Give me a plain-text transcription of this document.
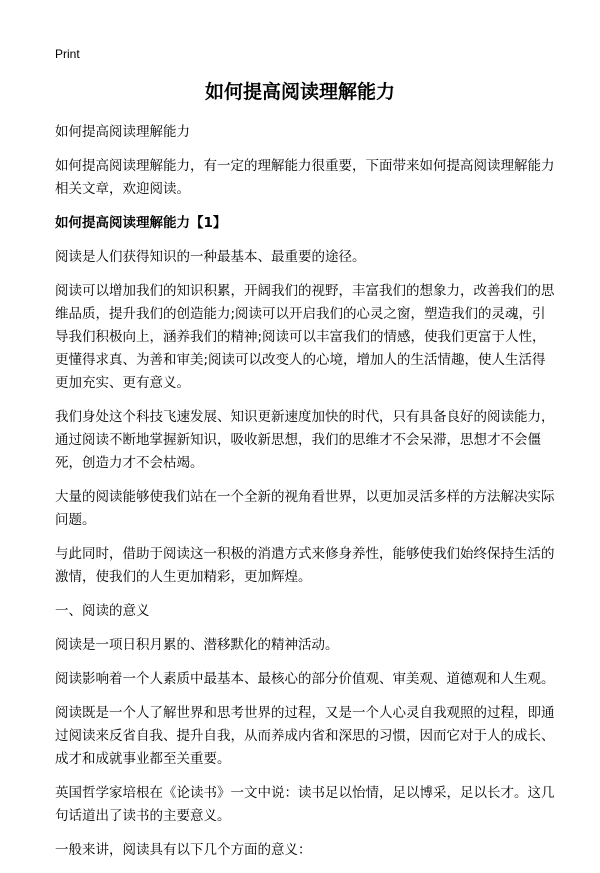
Print
如何提高阅读理解能力

如何提高阅读理解能力

如何提高阅读理解能力，有一定的理解能力很重要，下面带来如何提高阅读理解能力相关文章，欢迎阅读。

如何提高阅读理解能力【1】

阅读是人们获得知识的一种最基本、最重要的途径。

阅读可以增加我们的知识积累，开阔我们的视野，丰富我们的想象力，改善我们的思维品质，提升我们的创造能力;阅读可以开启我们的心灵之窗，塑造我们的灵魂，引导我们积极向上，涵养我们的精神;阅读可以丰富我们的情感，使我们更富于人性，更懂得求真、为善和审美;阅读可以改变人的心境，增加人的生活情趣，使人生活得更加充实、更有意义。

我们身处这个科技飞速发展、知识更新速度加快的时代，只有具备良好的阅读能力，通过阅读不断地掌握新知识，吸收新思想，我们的思维才不会呆滞，思想才不会僵死，创造力才不会枯竭。

大量的阅读能够使我们站在一个全新的视角看世界，以更加灵活多样的方法解决实际问题。

与此同时，借助于阅读这一积极的消遣方式来修身养性，能够使我们始终保持生活的激情，使我们的人生更加精彩，更加辉煌。

一、阅读的意义

阅读是一项日积月累的、潜移默化的精神活动。

阅读影响着一个人素质中最基本、最核心的部分价值观、审美观、道德观和人生观。

阅读既是一个人了解世界和思考世界的过程，又是一个人心灵自我观照的过程，即通过阅读来反省自我、提升自我，从而养成内省和深思的习惯，因而它对于人的成长、成才和成就事业都至关重要。

英国哲学家培根在《论读书》一文中说：读书足以怡情，足以博采，足以长才。这几句话道出了读书的主要意义。

一般来讲，阅读具有以下几个方面的意义：
